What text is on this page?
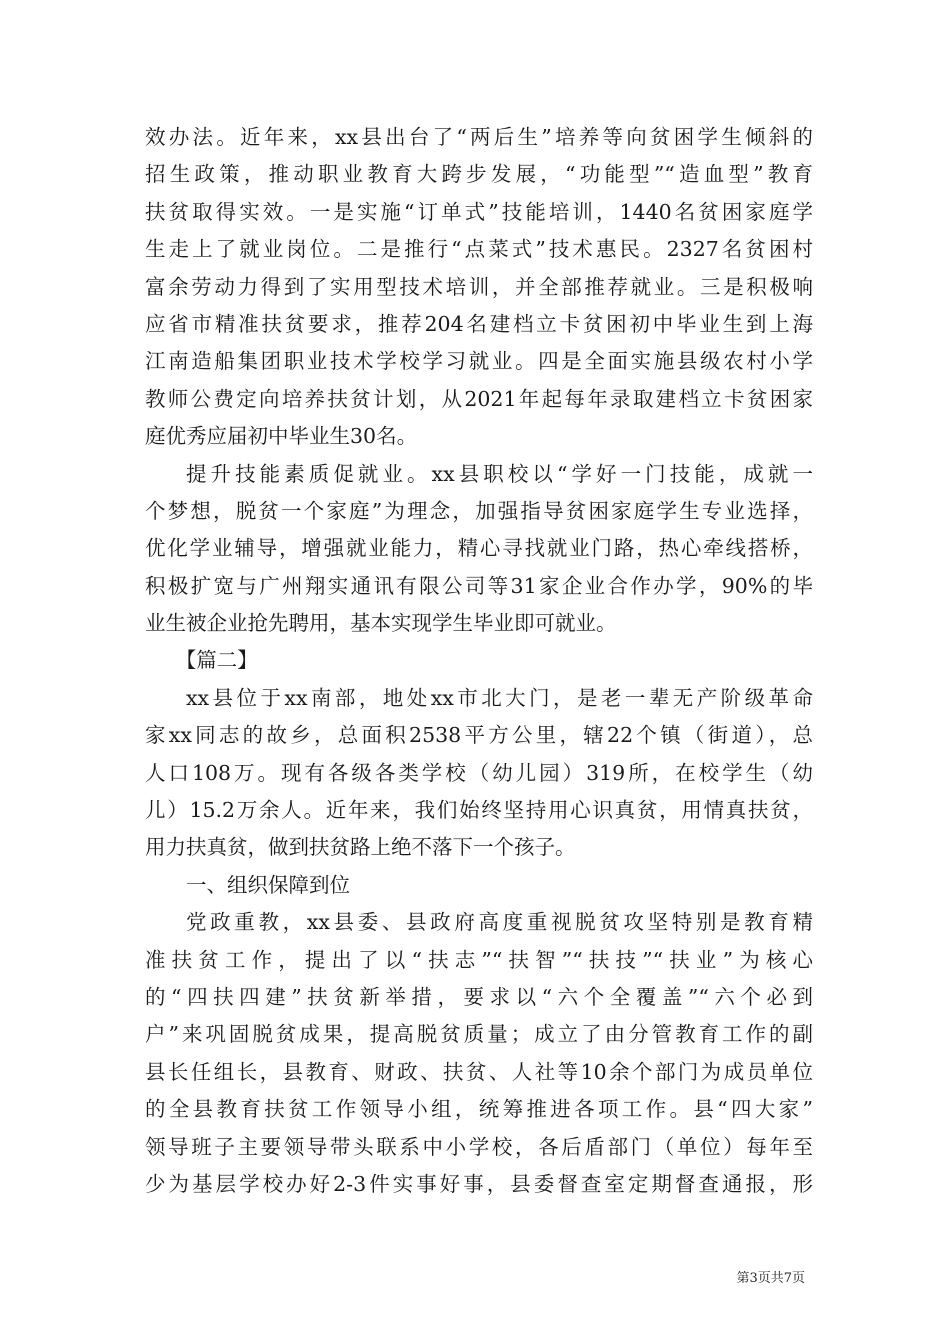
效办法。近年来，xx县出台了“两后生”培养等向贫困学生倾斜的
招生政策，推动职业教育大跨步发展，“功能型”“造血型”教育
扶贫取得实效。一是实施“订单式”技能培训，1440名贫困家庭学
生走上了就业岗位。二是推行“点菜式”技术惠民。2327名贫困村
富余劳动力得到了实用型技术培训，并全部推荐就业。三是积极响
应省市精准扶贫要求，推荐204名建档立卡贫困初中毕业生到上海
江南造船集团职业技术学校学习就业。四是全面实施县级农村小学
教师公费定向培养扶贫计划，从2021年起每年录取建档立卡贫困家
庭优秀应届初中毕业生30名。
提升技能素质促就业。xx县职校以“学好一门技能，成就一
个梦想，脱贫一个家庭”为理念，加强指导贫困家庭学生专业选择，
优化学业辅导，增强就业能力，精心寻找就业门路，热心牵线搭桥，
积极扩宽与广州翔实通讯有限公司等31家企业合作办学，90%的毕
业生被企业抢先聘用，基本实现学生毕业即可就业。
【篇二】
xx县位于xx南部，地处xx市北大门，是老一辈无产阶级革命
家xx同志的故乡，总面积2538平方公里，辖22个镇（街道），总
人口108万。现有各级各类学校（幼儿园）319所，在校学生（幼
儿）15.2万余人。近年来，我们始终坚持用心识真贫，用情真扶贫，
用力扶真贫，做到扶贫路上绝不落下一个孩子。
一、组织保障到位
党政重教，xx县委、县政府高度重视脱贫攻坚特别是教育精
准扶贫工作，提出了以“扶志”“扶智”“扶技”“扶业”为核心
的“四扶四建”扶贫新举措，要求以“六个全覆盖”“六个必到
户”来巩固脱贫成果，提高脱贫质量；成立了由分管教育工作的副
县长任组长，县教育、财政、扶贫、人社等10余个部门为成员单位
的全县教育扶贫工作领导小组，统筹推进各项工作。县“四大家”
领导班子主要领导带头联系中小学校，各后盾部门（单位）每年至
少为基层学校办好2-3件实事好事，县委督查室定期督查通报，形
第3页共7页
